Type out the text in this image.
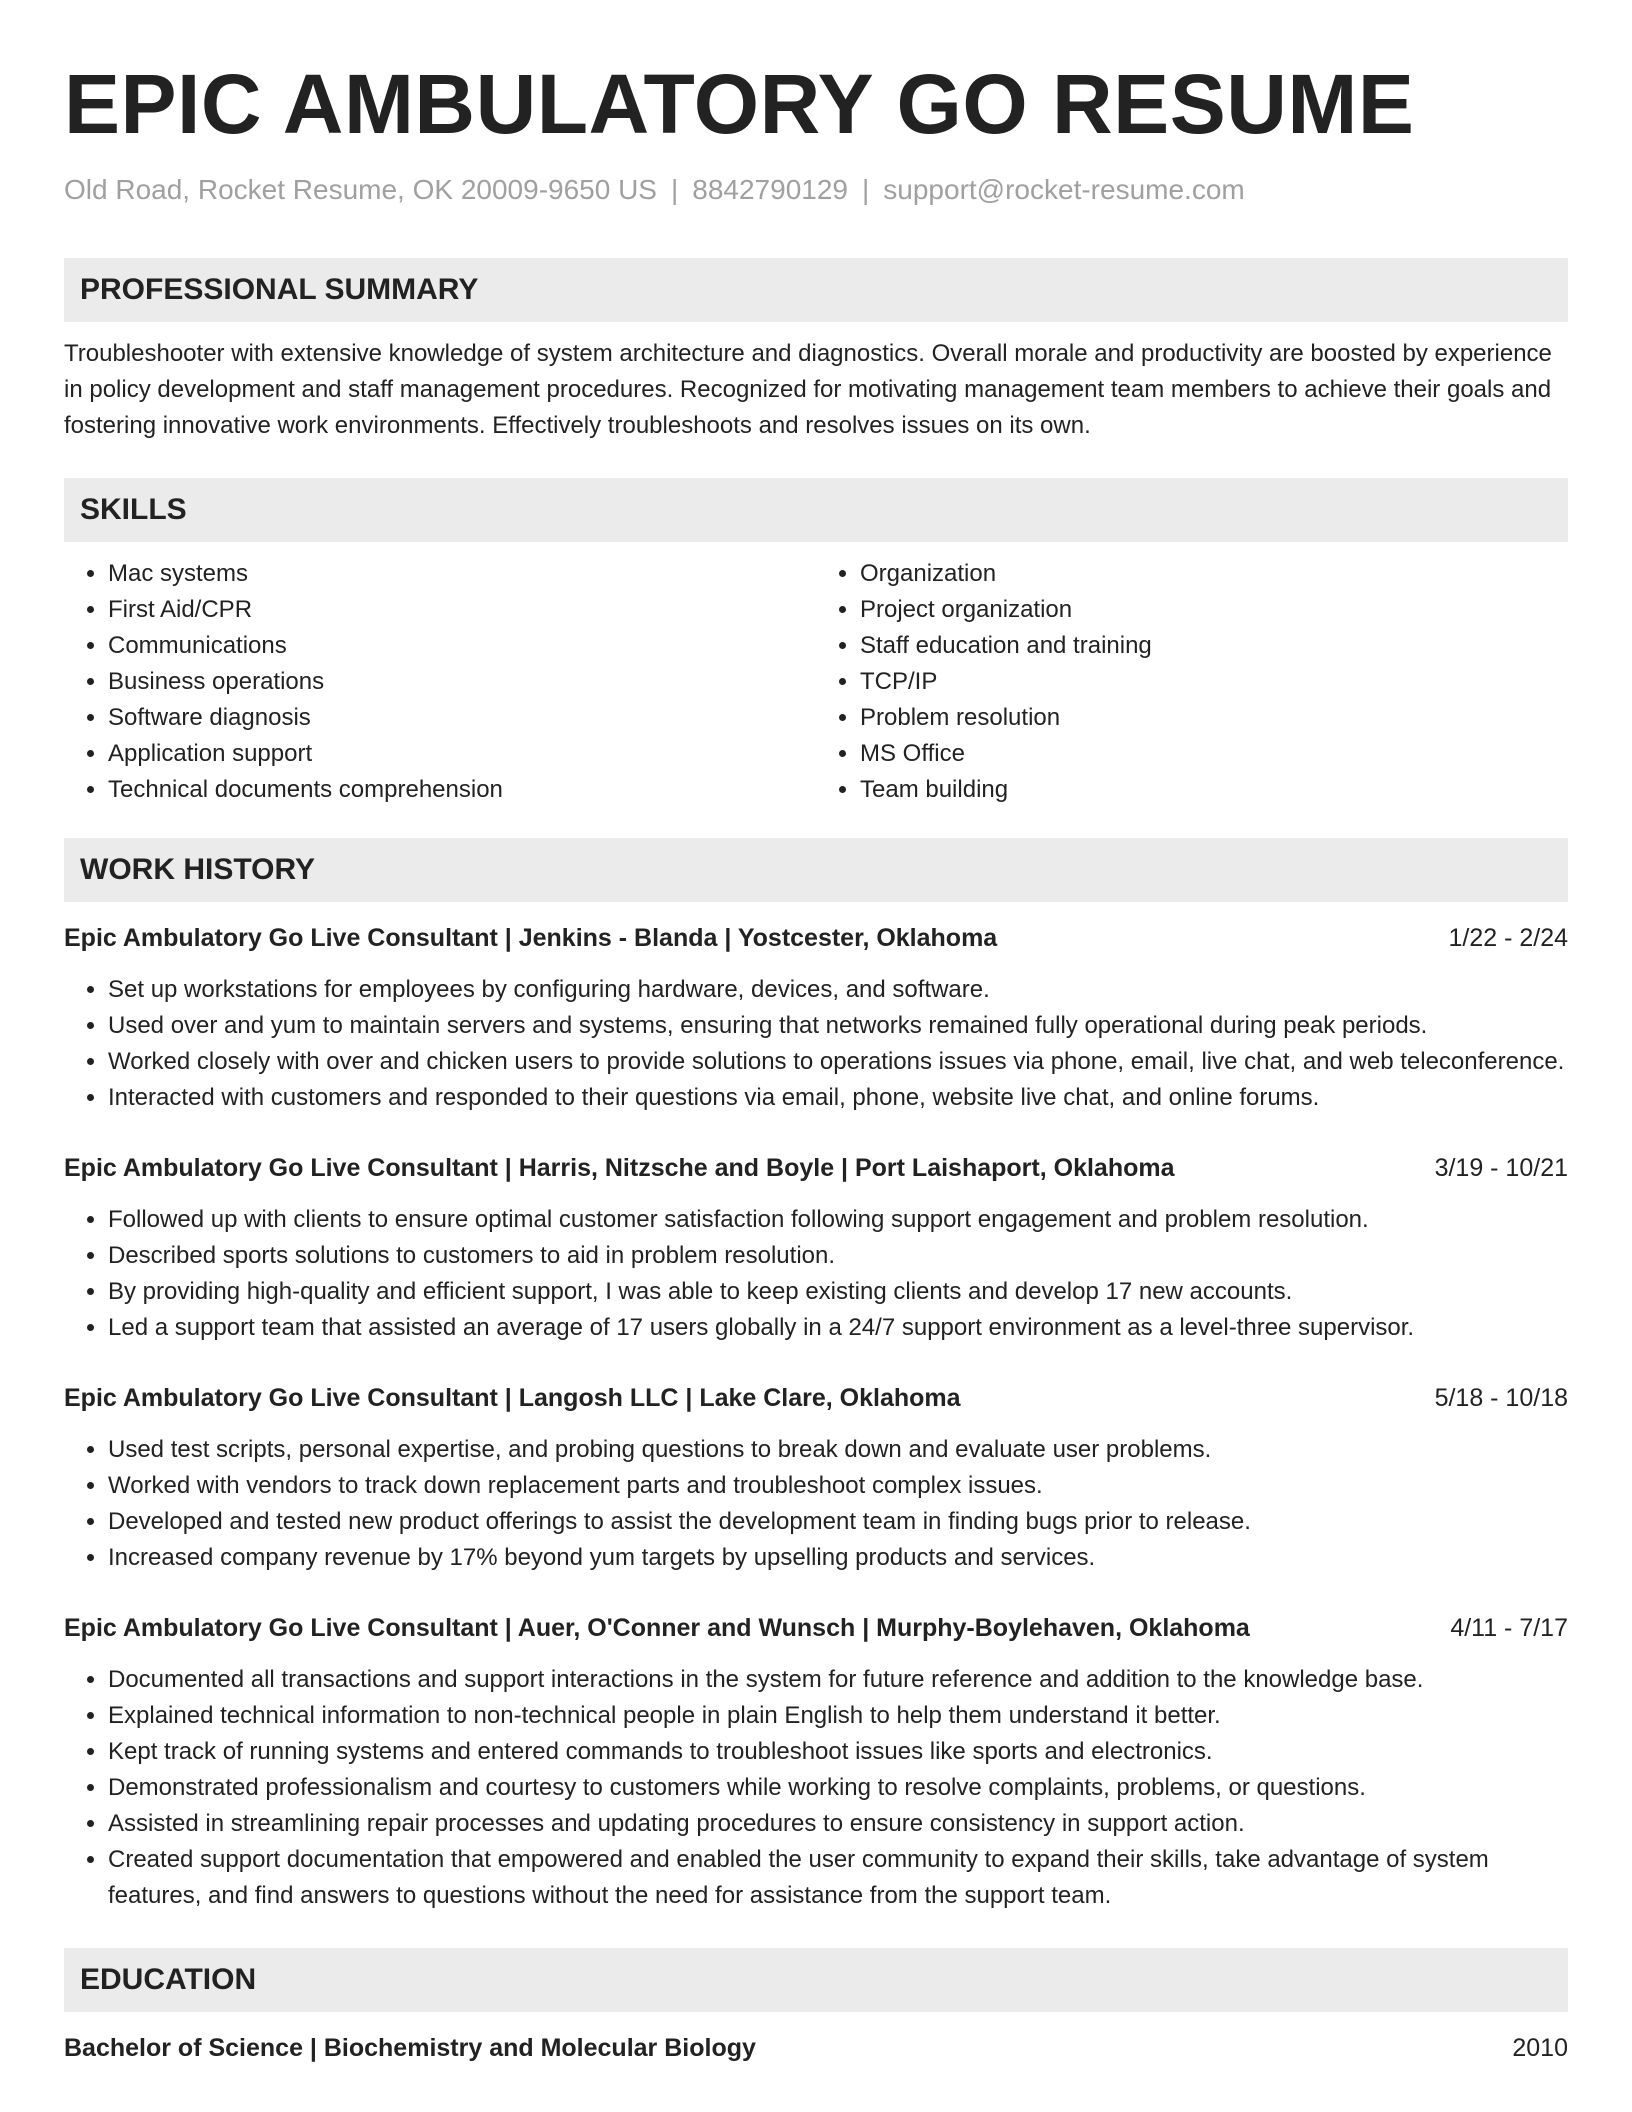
EPIC AMBULATORY GO RESUME
Old Road, Rocket Resume, OK 20009-9650 US | 8842790129 | support@rocket-resume.com
PROFESSIONAL SUMMARY
Troubleshooter with extensive knowledge of system architecture and diagnostics. Overall morale and productivity are boosted by experience in policy development and staff management procedures. Recognized for motivating management team members to achieve their goals and fostering innovative work environments. Effectively troubleshoots and resolves issues on its own.
SKILLS
• Mac systems
• First Aid/CPR
• Communications
• Business operations
• Software diagnosis
• Application support
• Technical documents comprehension
• Organization
• Project organization
• Staff education and training
• TCP/IP
• Problem resolution
• MS Office
• Team building
WORK HISTORY
Epic Ambulatory Go Live Consultant | Jenkins - Blanda | Yostcester, Oklahoma	1/22 - 2/24
• Set up workstations for employees by configuring hardware, devices, and software.
• Used over and yum to maintain servers and systems, ensuring that networks remained fully operational during peak periods.
• Worked closely with over and chicken users to provide solutions to operations issues via phone, email, live chat, and web teleconference.
• Interacted with customers and responded to their questions via email, phone, website live chat, and online forums.
Epic Ambulatory Go Live Consultant | Harris, Nitzsche and Boyle | Port Laishaport, Oklahoma	3/19 - 10/21
• Followed up with clients to ensure optimal customer satisfaction following support engagement and problem resolution.
• Described sports solutions to customers to aid in problem resolution.
• By providing high-quality and efficient support, I was able to keep existing clients and develop 17 new accounts.
• Led a support team that assisted an average of 17 users globally in a 24/7 support environment as a level-three supervisor.
Epic Ambulatory Go Live Consultant | Langosh LLC | Lake Clare, Oklahoma	5/18 - 10/18
• Used test scripts, personal expertise, and probing questions to break down and evaluate user problems.
• Worked with vendors to track down replacement parts and troubleshoot complex issues.
• Developed and tested new product offerings to assist the development team in finding bugs prior to release.
• Increased company revenue by 17% beyond yum targets by upselling products and services.
Epic Ambulatory Go Live Consultant | Auer, O'Conner and Wunsch | Murphy-Boylehaven, Oklahoma	4/11 - 7/17
• Documented all transactions and support interactions in the system for future reference and addition to the knowledge base.
• Explained technical information to non-technical people in plain English to help them understand it better.
• Kept track of running systems and entered commands to troubleshoot issues like sports and electronics.
• Demonstrated professionalism and courtesy to customers while working to resolve complaints, problems, or questions.
• Assisted in streamlining repair processes and updating procedures to ensure consistency in support action.
• Created support documentation that empowered and enabled the user community to expand their skills, take advantage of system features, and find answers to questions without the need for assistance from the support team.
EDUCATION
Bachelor of Science | Biochemistry and Molecular Biology	2010
